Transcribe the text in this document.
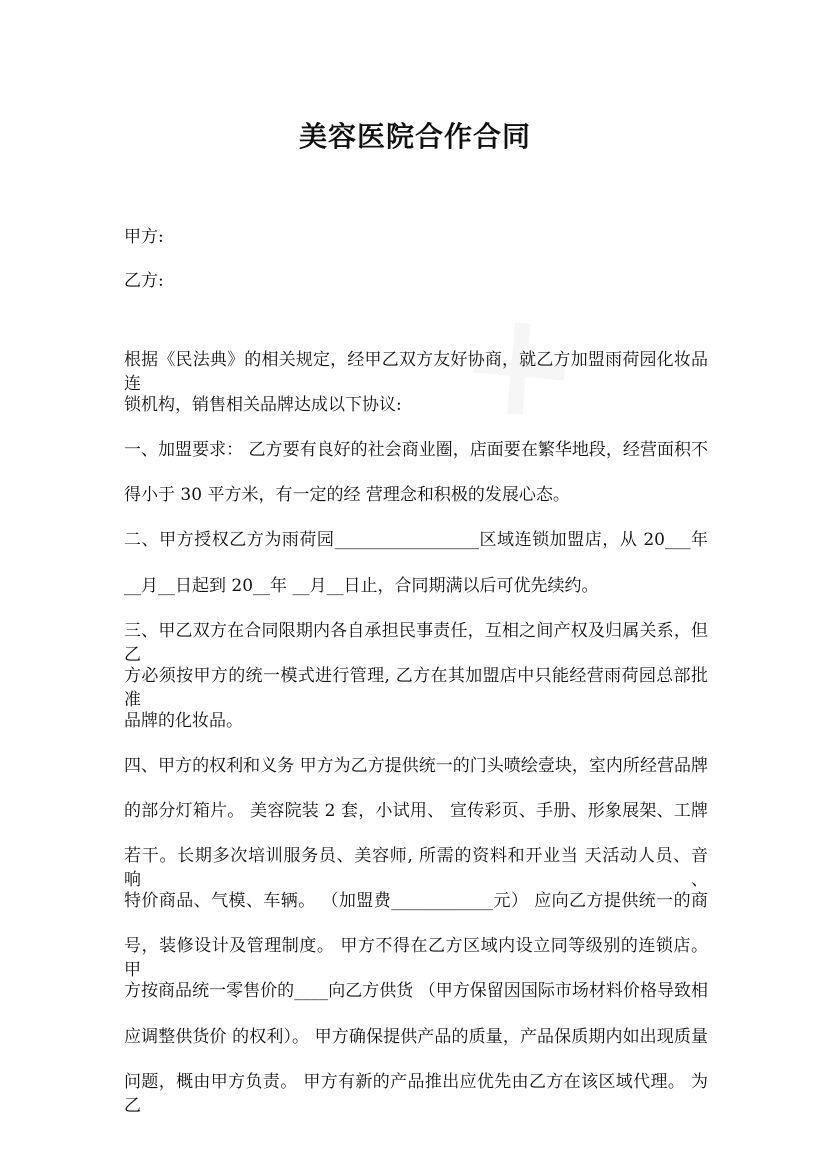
美容医院合作合同
甲方:
乙方:
根据《民法典》的相关规定，经甲乙双方友好协商，就乙方加盟雨荷园化妆品连
锁机构，销售相关品牌达成以下协议:
一、加盟要求： 乙方要有良好的社会商业圈，店面要在繁华地段，经营面积不
得小于 30 平方米，有一定的经 营理念和积极的发展心态。
二、甲方授权乙方为雨荷园_________________区域连锁加盟店，从 20___年
__月__日起到 20__年 __月__日止，合同期满以后可优先续约。
三、甲乙双方在合同限期内各自承担民事责任，互相之间产权及归属关系，但乙
方必须按甲方的统一模式进行管理, 乙方在其加盟店中只能经营雨荷园总部批准
品牌的化妆品。
四、甲方的权利和义务 甲方为乙方提供统一的门头喷绘壹块，室内所经营品牌
的部分灯箱片。 美容院装 2 套，小试用、 宣传彩页、手册、形象展架、工牌
若干。长期多次培训服务员、美容师, 所需的资料和开业当 天活动人员、音响、
特价商品、气模、车辆。 （加盟费____________元） 应向乙方提供统一的商
号，装修设计及管理制度。 甲方不得在乙方区域内设立同等级别的连锁店。 甲
方按商品统一零售价的____向乙方供货 （甲方保留因国际市场材料价格导致相
应调整供货价 的权利）。 甲方确保提供产品的质量，产品保质期内如出现质量
问题，概由甲方负责。 甲方有新的产品推出应优先由乙方在该区域代理。 为乙
